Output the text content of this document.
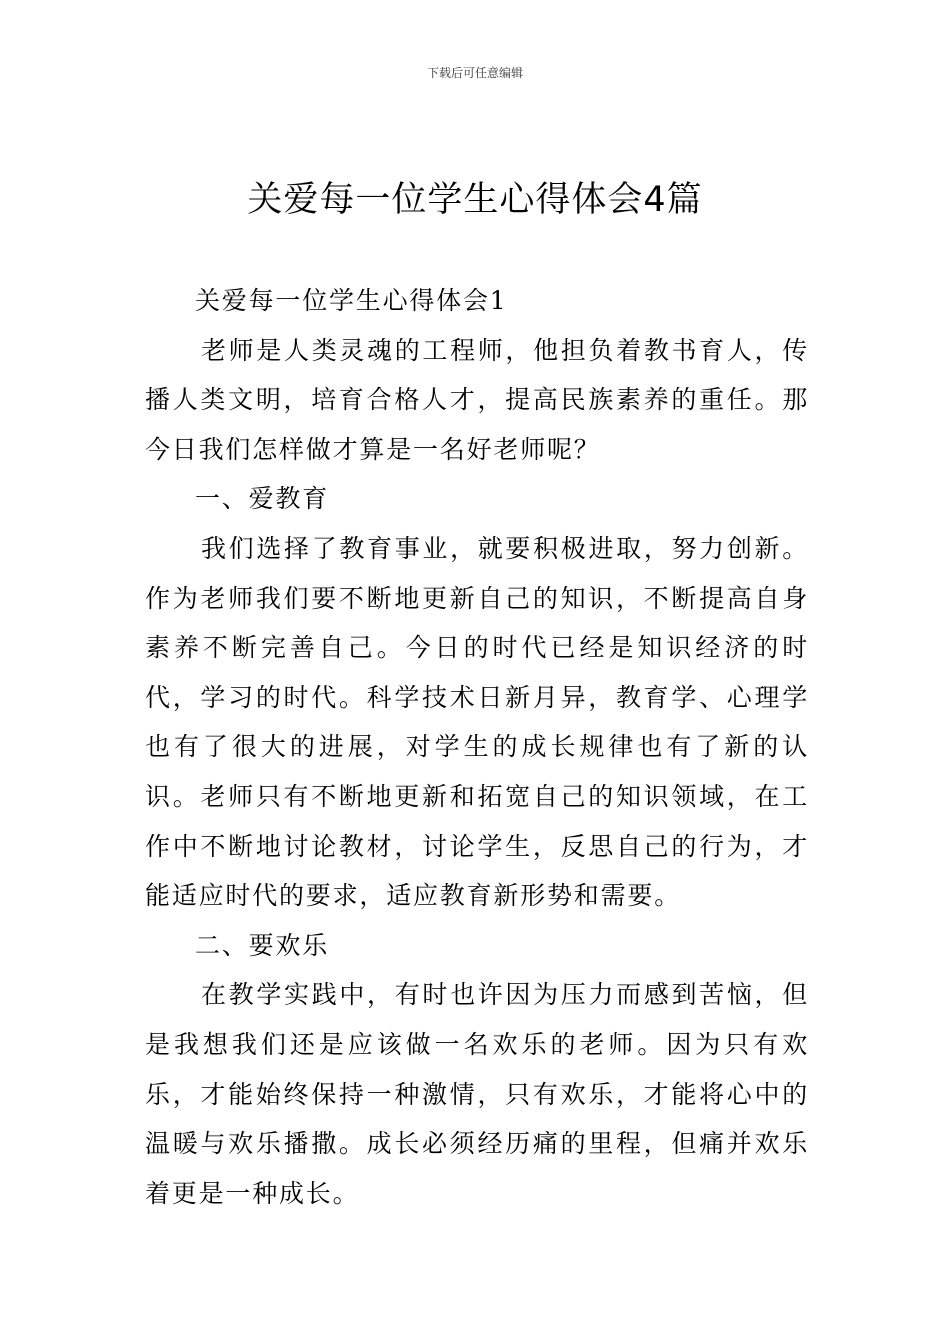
下载后可任意编辑
关爱每一位学生心得体会4篇

关爱每一位学生心得体会1

老师是人类灵魂的工程师，他担负着教书育人，传播人类文明，培育合格人才，提高民族素养的重任。那今日我们怎样做才算是一名好老师呢？

一、爱教育

我们选择了教育事业，就要积极进取，努力创新。作为老师我们要不断地更新自己的知识，不断提高自身素养不断完善自己。今日的时代已经是知识经济的时代，学习的时代。科学技术日新月异，教育学、心理学也有了很大的进展，对学生的成长规律也有了新的认识。老师只有不断地更新和拓宽自己的知识领域，在工作中不断地讨论教材，讨论学生，反思自己的行为，才能适应时代的要求，适应教育新形势和需要。

二、要欢乐

在教学实践中，有时也许因为压力而感到苦恼，但是我想我们还是应该做一名欢乐的老师。因为只有欢乐，才能始终保持一种激情，只有欢乐，才能将心中的温暖与欢乐播撒。成长必须经历痛的里程，但痛并欢乐着更是一种成长。
